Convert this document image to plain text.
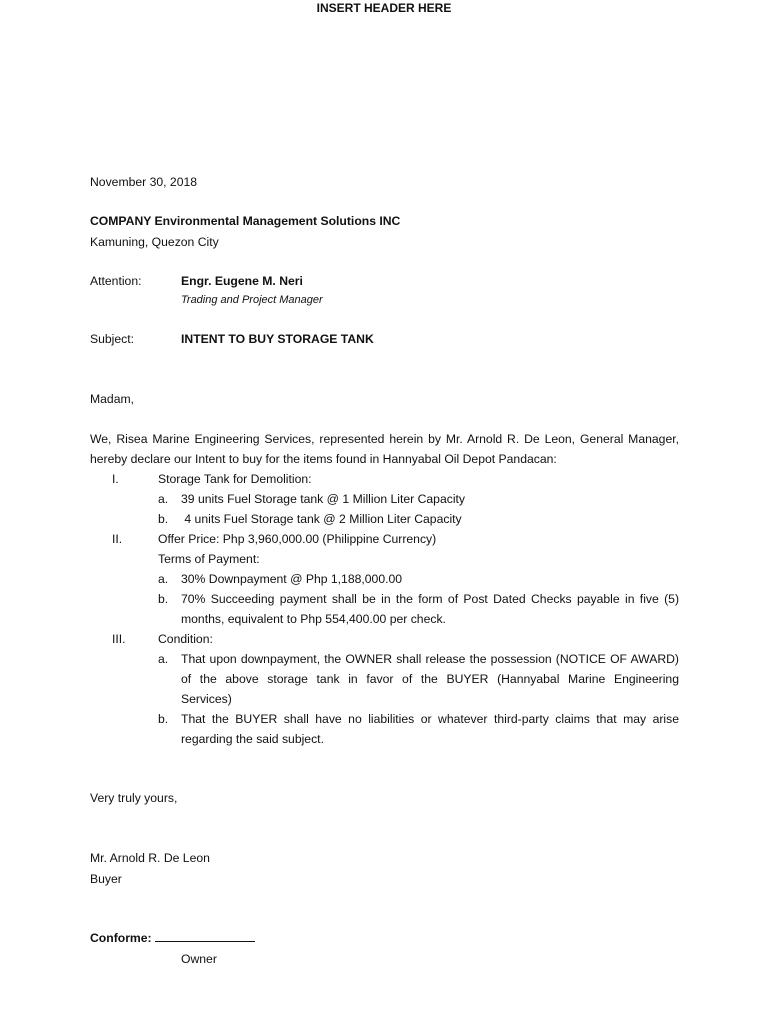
INSERT HEADER HERE
November 30, 2018
COMPANY Environmental Management Solutions INC
Kamuning, Quezon City
Attention:	Engr. Eugene M. Neri
Trading and Project Manager
Subject:	INTENT TO BUY STORAGE TANK
Madam,
We, Risea Marine Engineering Services, represented herein by Mr. Arnold R. De Leon, General Manager,
hereby declare our Intent to buy for the items found in Hannyabal Oil Depot Pandacan:
I.	Storage Tank for Demolition:
a. 39 units Fuel Storage tank @ 1 Million Liter Capacity
b. 4 units Fuel Storage tank @ 2 Million Liter Capacity
II.	Offer Price: Php 3,960,000.00 (Philippine Currency)
Terms of Payment:
a. 30% Downpayment @ Php 1,188,000.00
b. 70% Succeeding payment shall be in the form of Post Dated Checks payable in five (5)
months, equivalent to Php 554,400.00 per check.
III.	Condition:
a. That upon downpayment, the OWNER shall release the possession (NOTICE OF AWARD)
of the above storage tank in favor of the BUYER (Hannyabal Marine Engineering
Services)
b. That the BUYER shall have no liabilities or whatever third-party claims that may arise
regarding the said subject.
Very truly yours,
Mr. Arnold R. De Leon
Buyer
Conforme:
Owner
